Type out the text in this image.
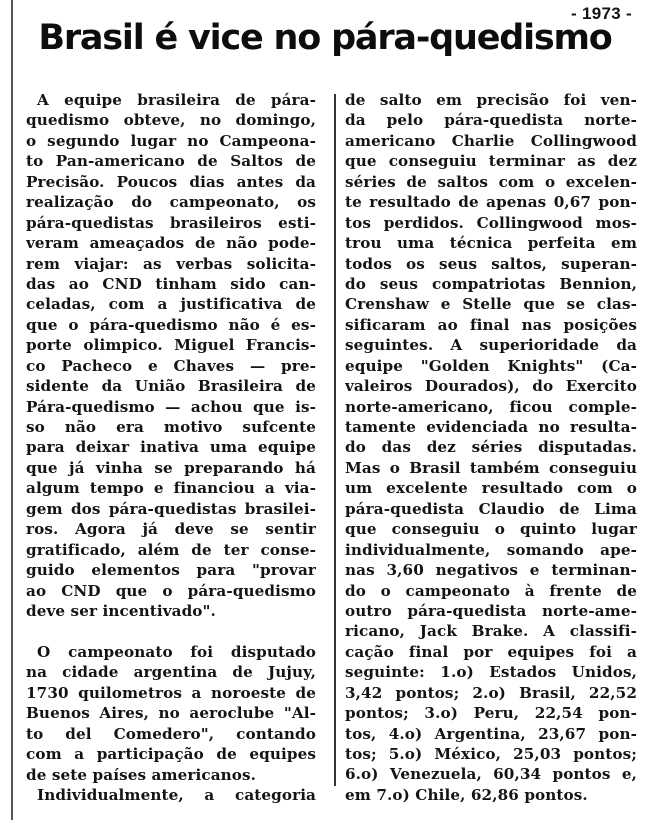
- 1973 -
Brasil é vice no pára-quedismo
A equipe brasileira de pára-
quedismo obteve, no domingo,
o segundo lugar no Campeona-
to Pan-americano de Saltos de
Precisão. Poucos dias antes da
realização do campeonato, os
pára-quedistas brasileiros esti-
veram ameaçados de não pode-
rem viajar: as verbas solicita-
das ao CND tinham sido can-
celadas, com a justificativa de
que o pára-quedismo não é es-
porte olimpico. Miguel Francis-
co Pacheco e Chaves — pre-
sidente da União Brasileira de
Pára-quedismo — achou que is-
so não era motivo sufcente
para deixar inativa uma equipe
que já vinha se preparando há
algum tempo e financiou a via-
gem dos pára-quedistas brasilei-
ros. Agora já deve se sentir
gratificado, além de ter conse-
guido elementos para "provar
ao CND que o pára-quedismo
deve ser incentivado".
O campeonato foi disputado
na cidade argentina de Jujuy,
1730 quilometros a noroeste de
Buenos Aires, no aeroclube "Al-
to del Comedero", contando
com a participação de equipes
de sete países americanos.
Individualmente, a categoria
de salto em precisão foi ven-
da pelo pára-quedista norte-
americano Charlie Collingwood
que conseguiu terminar as dez
séries de saltos com o excelen-
te resultado de apenas 0,67 pon-
tos perdidos. Collingwood mos-
trou uma técnica perfeita em
todos os seus saltos, superan-
do seus compatriotas Bennion,
Crenshaw e Stelle que se clas-
sificaram ao final nas posições
seguintes. A superioridade da
equipe "Golden Knights" (Ca-
valeiros Dourados), do Exercito
norte-americano, ficou comple-
tamente evidenciada no resulta-
do das dez séries disputadas.
Mas o Brasil também conseguiu
um excelente resultado com o
pára-quedista Claudio de Lima
que conseguiu o quinto lugar
individualmente, somando ape-
nas 3,60 negativos e terminan-
do o campeonato à frente de
outro pára-quedista norte-ame-
ricano, Jack Brake. A classifi-
cação final por equipes foi a
seguinte: 1.o) Estados Unidos,
3,42 pontos; 2.o) Brasil, 22,52
pontos; 3.o) Peru, 22,54 pon-
tos, 4.o) Argentina, 23,67 pon-
tos; 5.o) México, 25,03 pontos;
6.o) Venezuela, 60,34 pontos e,
em 7.o) Chile, 62,86 pontos.
